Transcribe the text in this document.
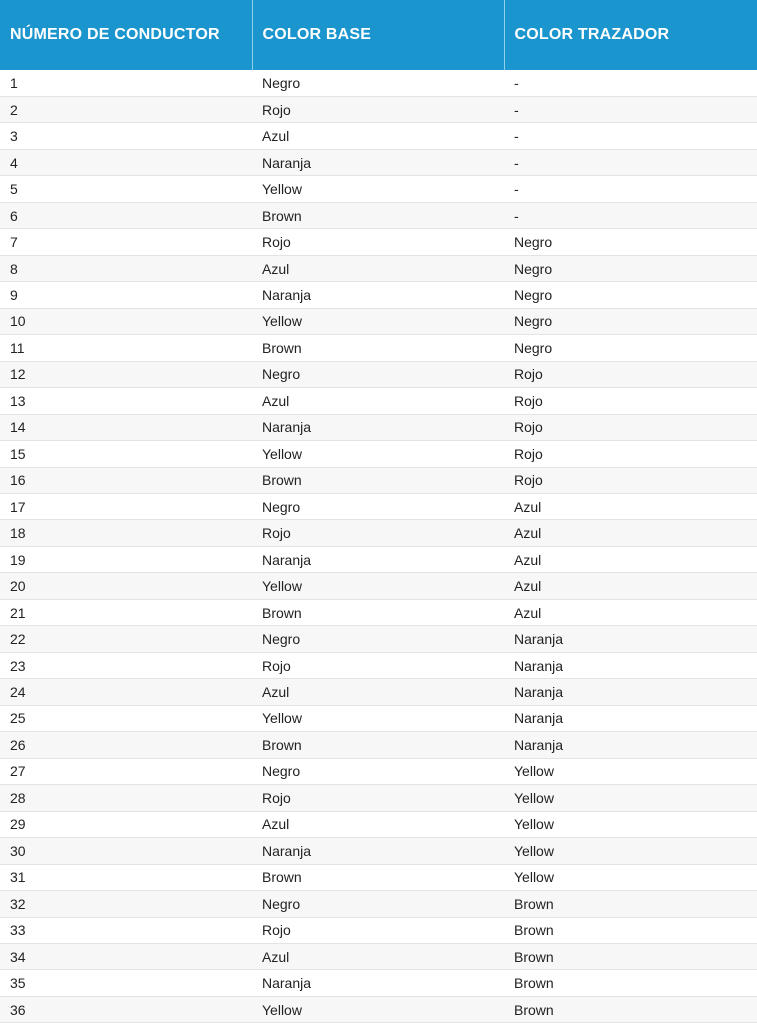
NÚMERO DE CONDUCTOR	COLOR BASE	COLOR TRAZADOR
1	Negro	-
2	Rojo	-
3	Azul	-
4	Naranja	-
5	Yellow	-
6	Brown	-
7	Rojo	Negro
8	Azul	Negro
9	Naranja	Negro
10	Yellow	Negro
11	Brown	Negro
12	Negro	Rojo
13	Azul	Rojo
14	Naranja	Rojo
15	Yellow	Rojo
16	Brown	Rojo
17	Negro	Azul
18	Rojo	Azul
19	Naranja	Azul
20	Yellow	Azul
21	Brown	Azul
22	Negro	Naranja
23	Rojo	Naranja
24	Azul	Naranja
25	Yellow	Naranja
26	Brown	Naranja
27	Negro	Yellow
28	Rojo	Yellow
29	Azul	Yellow
30	Naranja	Yellow
31	Brown	Yellow
32	Negro	Brown
33	Rojo	Brown
34	Azul	Brown
35	Naranja	Brown
36	Yellow	Brown
